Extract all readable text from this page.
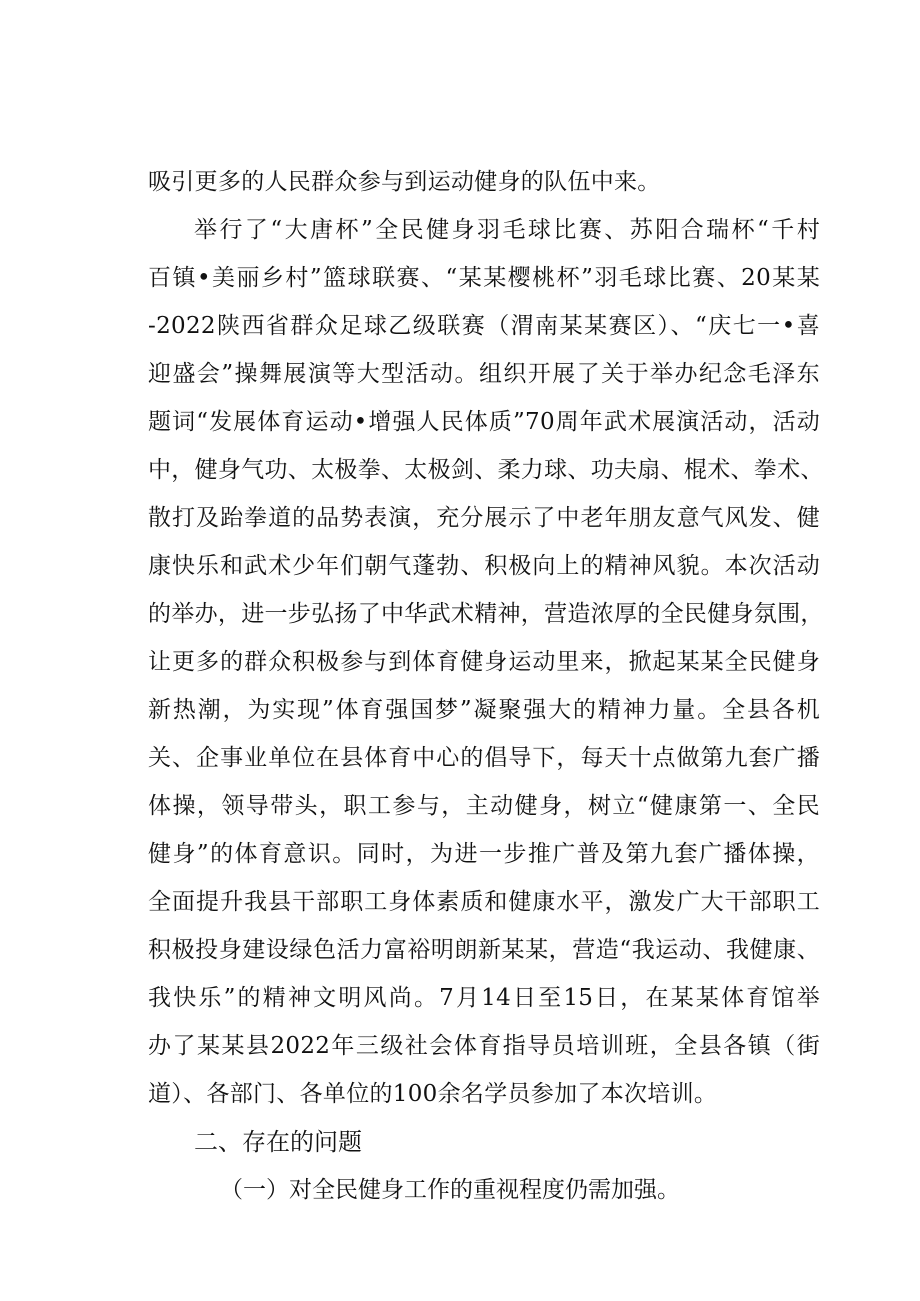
吸引更多的人民群众参与到运动健身的队伍中来。
举行了“大唐杯”全民健身羽毛球比赛、苏阳合瑞杯“千村
百镇•美丽乡村”篮球联赛、“某某樱桃杯”羽毛球比赛、20某某
-2022陕西省群众足球乙级联赛（渭南某某赛区）、“庆七一•喜
迎盛会”操舞展演等大型活动。组织开展了关于举办纪念毛泽东
题词“发展体育运动•增强人民体质”70周年武术展演活动，活动
中，健身气功、太极拳、太极剑、柔力球、功夫扇、棍术、拳术、
散打及跆拳道的品势表演，充分展示了中老年朋友意气风发、健
康快乐和武术少年们朝气蓬勃、积极向上的精神风貌。本次活动
的举办，进一步弘扬了中华武术精神，营造浓厚的全民健身氛围，
让更多的群众积极参与到体育健身运动里来，掀起某某全民健身
新热潮，为实现”体育强国梦”凝聚强大的精神力量。全县各机
关、企事业单位在县体育中心的倡导下，每天十点做第九套广播
体操，领导带头，职工参与，主动健身，树立“健康第一、全民
健身”的体育意识。同时，为进一步推广普及第九套广播体操，
全面提升我县干部职工身体素质和健康水平，激发广大干部职工
积极投身建设绿色活力富裕明朗新某某，营造“我运动、我健康、
我快乐”的精神文明风尚。7月14日至15日，在某某体育馆举
办了某某县2022年三级社会体育指导员培训班，全县各镇（街
道）、各部门、各单位的100余名学员参加了本次培训。
二、存在的问题
（一）对全民健身工作的重视程度仍需加强。
